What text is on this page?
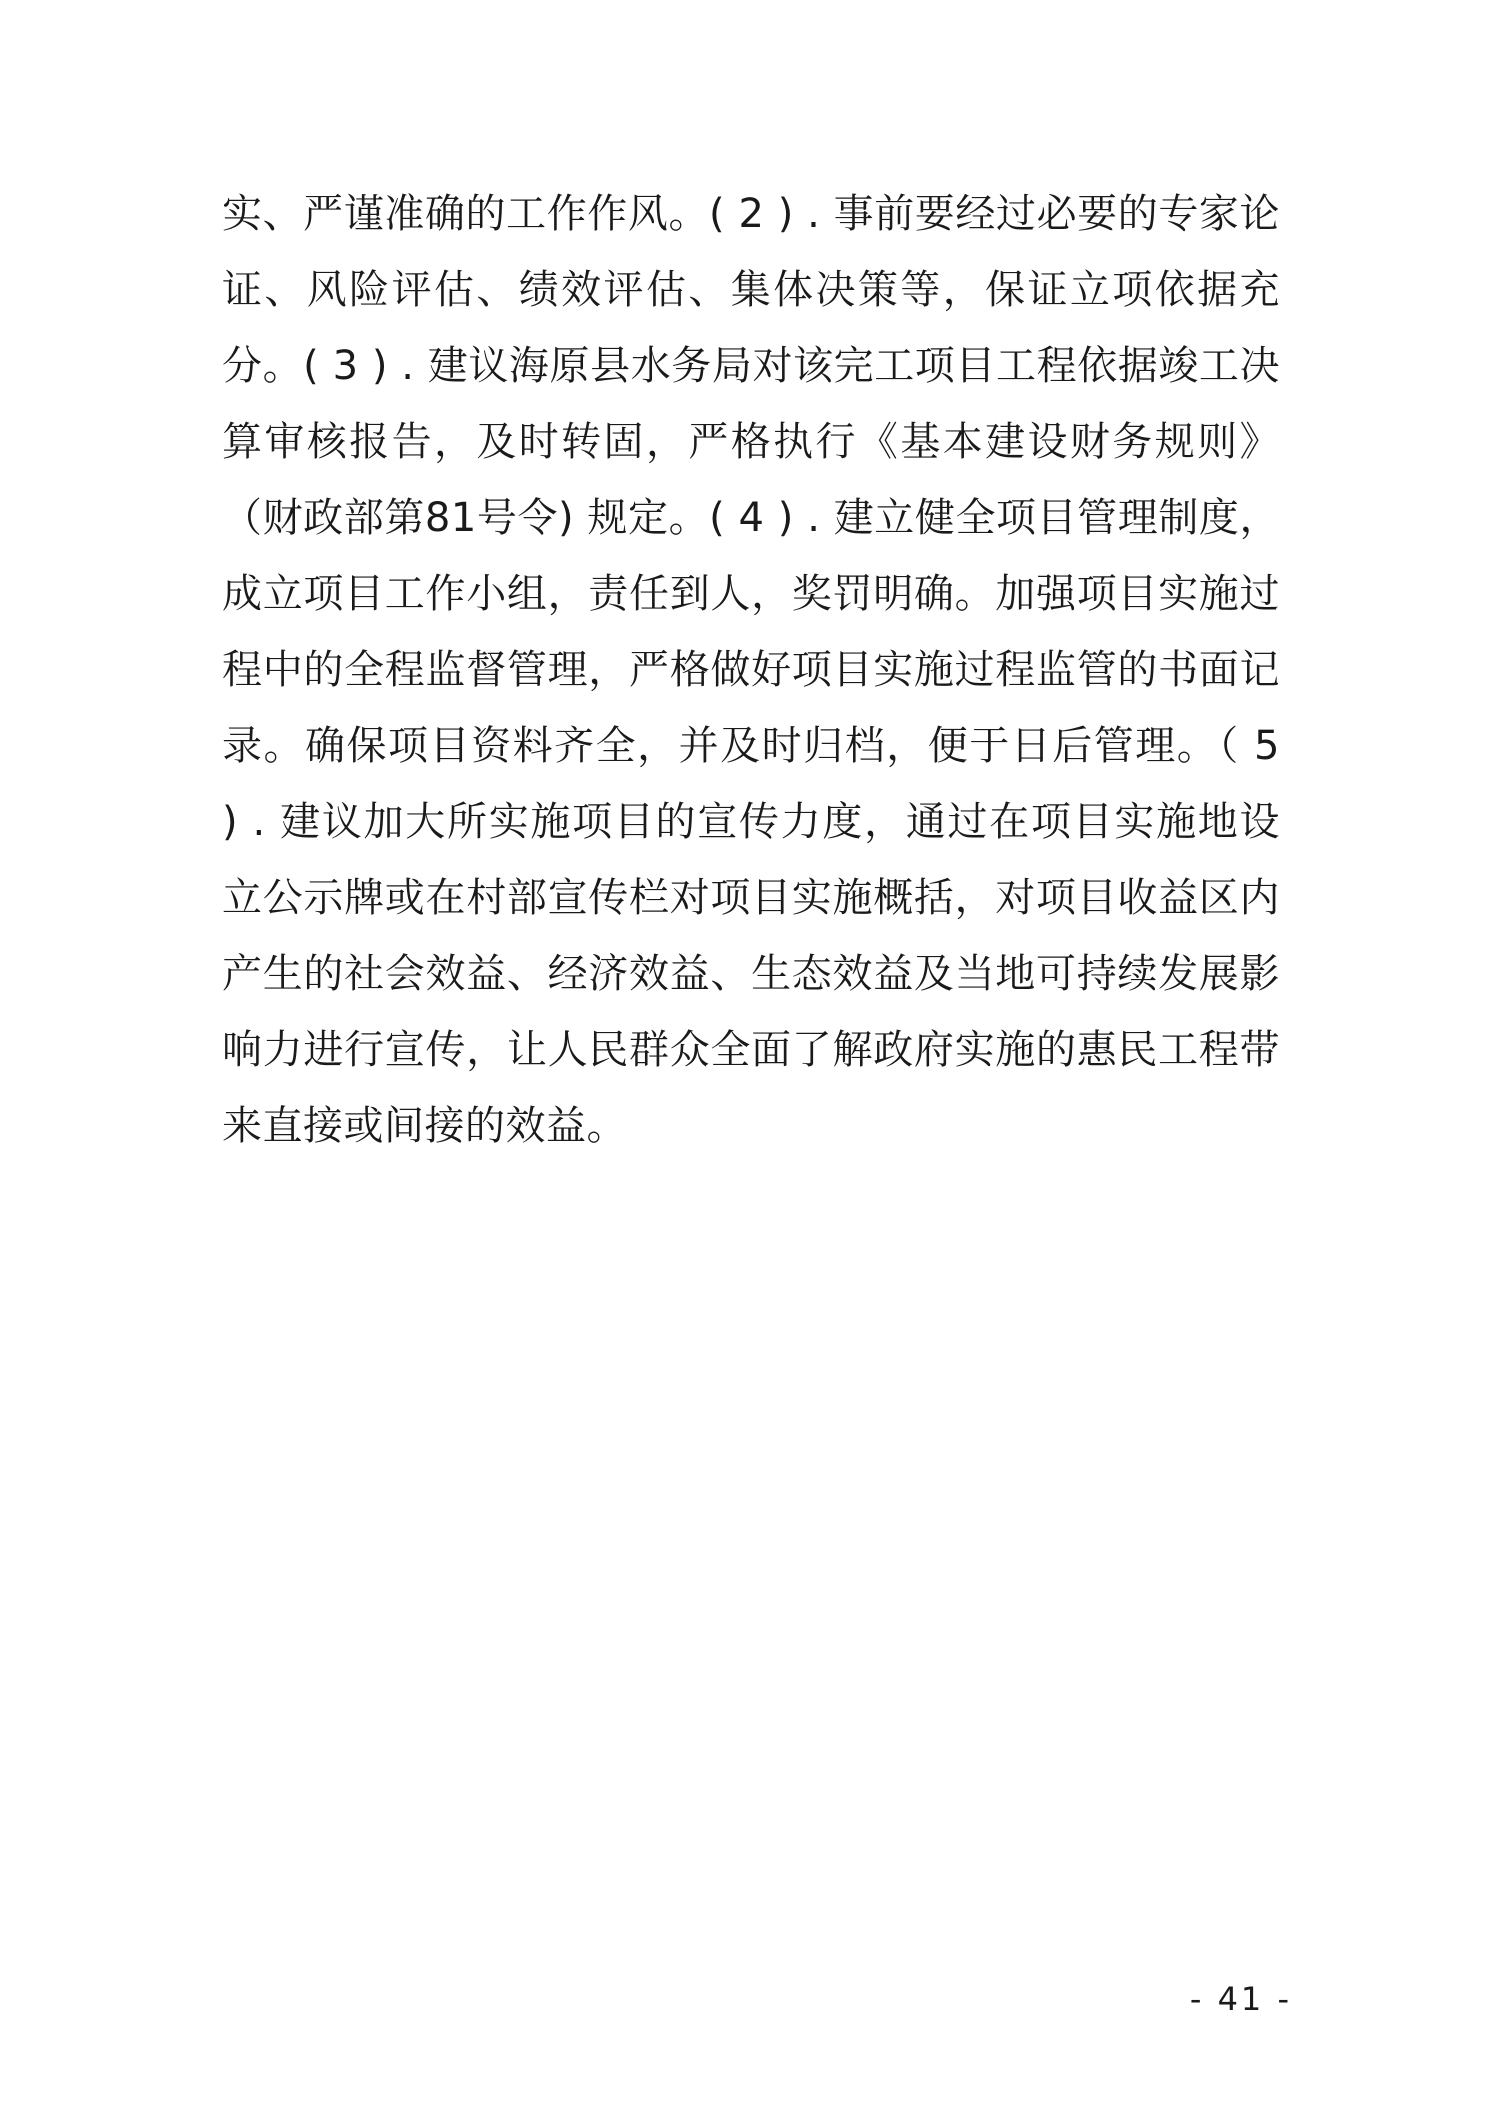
实、严谨准确的工作作风。( 2 ) . 事前要经过必要的专家论证、风险评估、绩效评估、集体决策等，保证立项依据充分。( 3 ) . 建议海原县水务局对该完工项目工程依据竣工决算审核报告，及时转固，严格执行《基本建设财务规则》（财政部第81号令) 规定。( 4 ) . 建立健全项目管理制度，成立项目工作小组，责任到人，奖罚明确。加强项目实施过程中的全程监督管理，严格做好项目实施过程监管的书面记录。确保项目资料齐全，并及时归档，便于日后管理。（ 5 ) . 建议加大所实施项目的宣传力度，通过在项目实施地设立公示牌或在村部宣传栏对项目实施概括，对项目收益区内产生的社会效益、经济效益、生态效益及当地可持续发展影响力进行宣传，让人民群众全面了解政府实施的惠民工程带来直接或间接的效益。
- 41 -
